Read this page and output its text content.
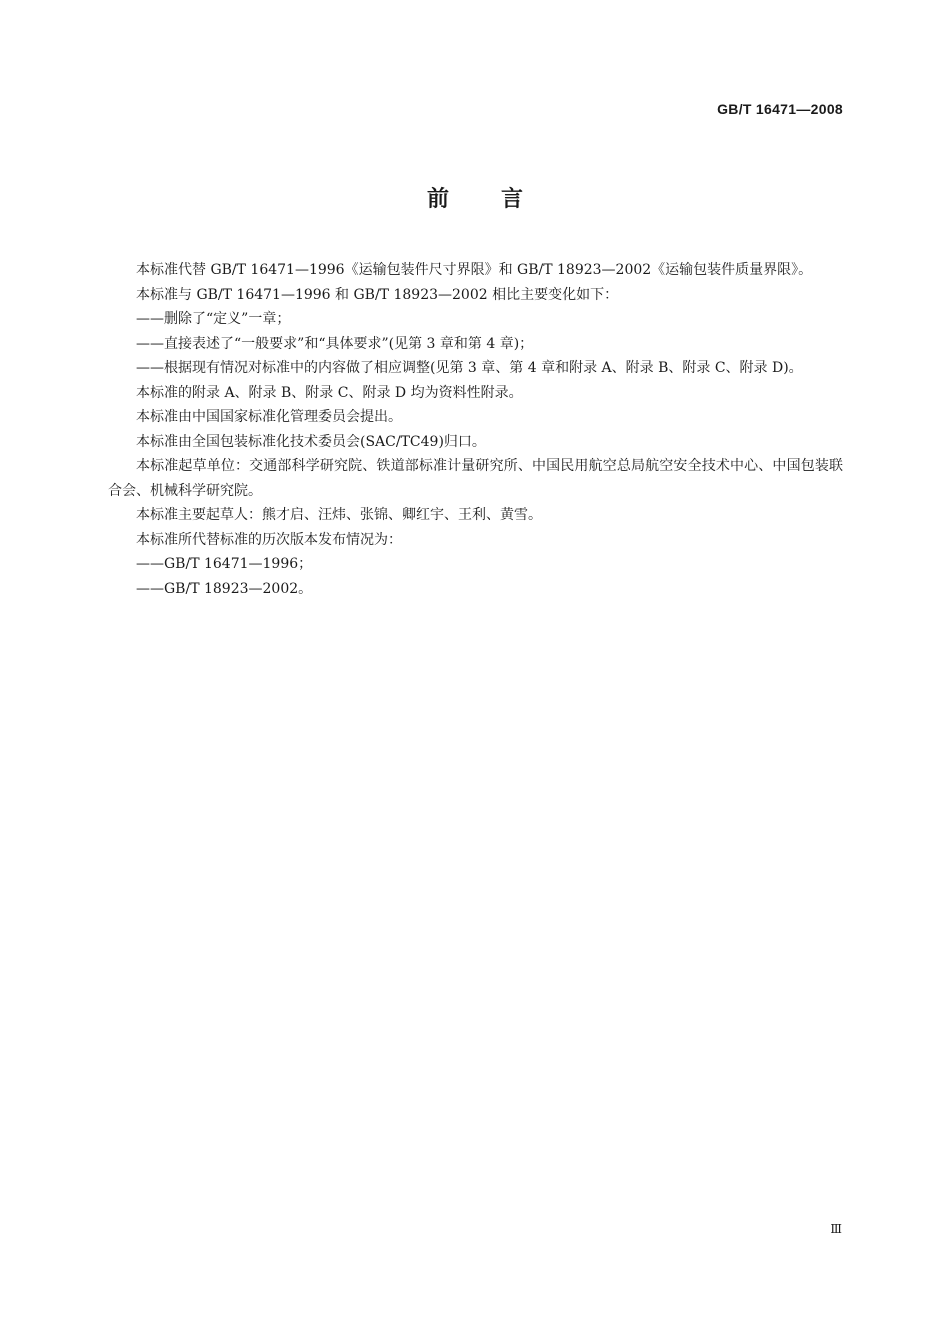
GB/T 16471—2008
前言

本标准代替 GB/T 16471—1996《运输包装件尺寸界限》和 GB/T 18923—2002《运输包装件质量界限》。

本标准与 GB/T 16471—1996 和 GB/T 18923—2002 相比主要变化如下：

——删除了“定义”一章；

——直接表述了“一般要求”和“具体要求”(见第 3 章和第 4 章)；

——根据现有情况对标准中的内容做了相应调整(见第 3 章、第 4 章和附录 A、附录 B、附录 C、附录 D)。

本标准的附录 A、附录 B、附录 C、附录 D 均为资料性附录。

本标准由中国国家标准化管理委员会提出。

本标准由全国包装标准化技术委员会(SAC/TC49)归口。

本标准起草单位：交通部科学研究院、铁道部标准计量研究所、中国民用航空总局航空安全技术中心、中国包装联合会、机械科学研究院。

本标准主要起草人：熊才启、汪炜、张锦、卿红宇、王利、黄雪。

本标准所代替标准的历次版本发布情况为：

——GB/T 16471—1996；

——GB/T 18923—2002。

Ⅲ
